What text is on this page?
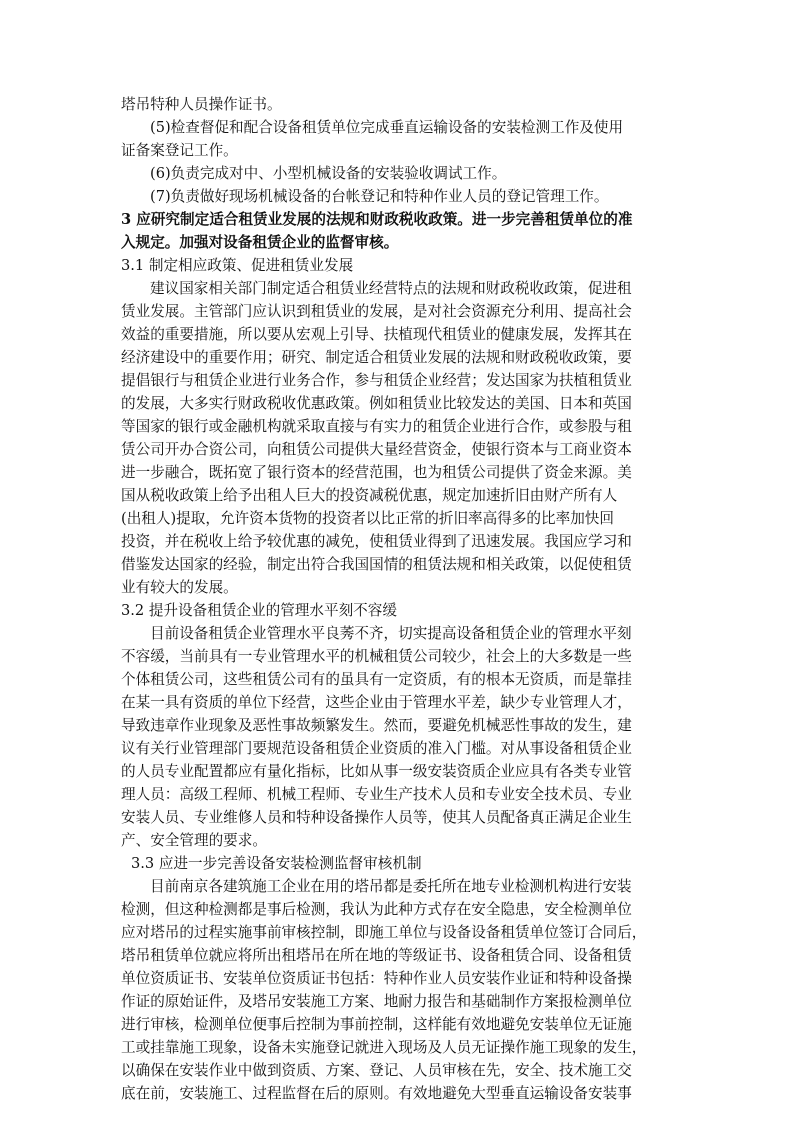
塔吊特种人员操作证书。
(5)检查督促和配合设备租赁单位完成垂直运输设备的安装检测工作及使用
证备案登记工作。
(6)负责完成对中、小型机械设备的安装验收调试工作。
(7)负责做好现场机械设备的台帐登记和特种作业人员的登记管理工作。
3 应研究制定适合租赁业发展的法规和财政税收政策。进一步完善租赁单位的准
入规定。加强对设备租赁企业的监督审核。
3.1 制定相应政策、促进租赁业发展
建议国家相关部门制定适合租赁业经营特点的法规和财政税收政策，促进租
赁业发展。主管部门应认识到租赁业的发展，是对社会资源充分利用、提高社会
效益的重要措施，所以要从宏观上引导、扶植现代租赁业的健康发展，发挥其在
经济建设中的重要作用；研究、制定适合租赁业发展的法规和财政税收政策，要
提倡银行与租赁企业进行业务合作，参与租赁企业经营；发达国家为扶植租赁业
的发展，大多实行财政税收优惠政策。例如租赁业比较发达的美国、日本和英国
等国家的银行或金融机构就采取直接与有实力的租赁企业进行合作，或参股与租
赁公司开办合资公司，向租赁公司提供大量经营资金，使银行资本与工商业资本
进一步融合，既拓宽了银行资本的经营范围，也为租赁公司提供了资金来源。美
国从税收政策上给予出租人巨大的投资减税优惠，规定加速折旧由财产所有人
(出租人)提取，允许资本货物的投资者以比正常的折旧率高得多的比率加快回
投资，并在税收上给予较优惠的减免，使租赁业得到了迅速发展。我国应学习和
借鉴发达国家的经验，制定出符合我国国情的租赁法规和相关政策，以促使租赁
业有较大的发展。
3.2 提升设备租赁企业的管理水平刻不容缓
目前设备租赁企业管理水平良莠不齐，切实提高设备租赁企业的管理水平刻
不容缓，当前具有一专业管理水平的机械租赁公司较少，社会上的大多数是一些
个体租赁公司，这些租赁公司有的虽具有一定资质，有的根本无资质，而是靠挂
在某一具有资质的单位下经营，这些企业由于管理水平差，缺少专业管理人才，
导致违章作业现象及恶性事故频繁发生。然而，要避免机械恶性事故的发生，建
议有关行业管理部门要规范设备租赁企业资质的准入门槛。对从事设备租赁企业
的人员专业配置都应有量化指标，比如从事一级安装资质企业应具有各类专业管
理人员：高级工程师、机械工程师、专业生产技术人员和专业安全技术员、专业
安装人员、专业维修人员和特种设备操作人员等，使其人员配备真正满足企业生
产、安全管理的要求。
3.3 应进一步完善设备安装检测监督审核机制
目前南京各建筑施工企业在用的塔吊都是委托所在地专业检测机构进行安装
检测，但这种检测都是事后检测，我认为此种方式存在安全隐患，安全检测单位
应对塔吊的过程实施事前审核控制，即施工单位与设备设备租赁单位签订合同后，
塔吊租赁单位就应将所出租塔吊在所在地的等级证书、设备租赁合同、设备租赁
单位资质证书、安装单位资质证书包括：特种作业人员安装作业证和特种设备操
作证的原始证件，及塔吊安装施工方案、地耐力报告和基础制作方案报检测单位
进行审核，检测单位便事后控制为事前控制，这样能有效地避免安装单位无证施
工或挂靠施工现象，设备未实施登记就进入现场及人员无证操作施工现象的发生，
以确保在安装作业中做到资质、方案、登记、人员审核在先，安全、技术施工交
底在前，安装施工、过程监督在后的原则。有效地避免大型垂直运输设备安装事
